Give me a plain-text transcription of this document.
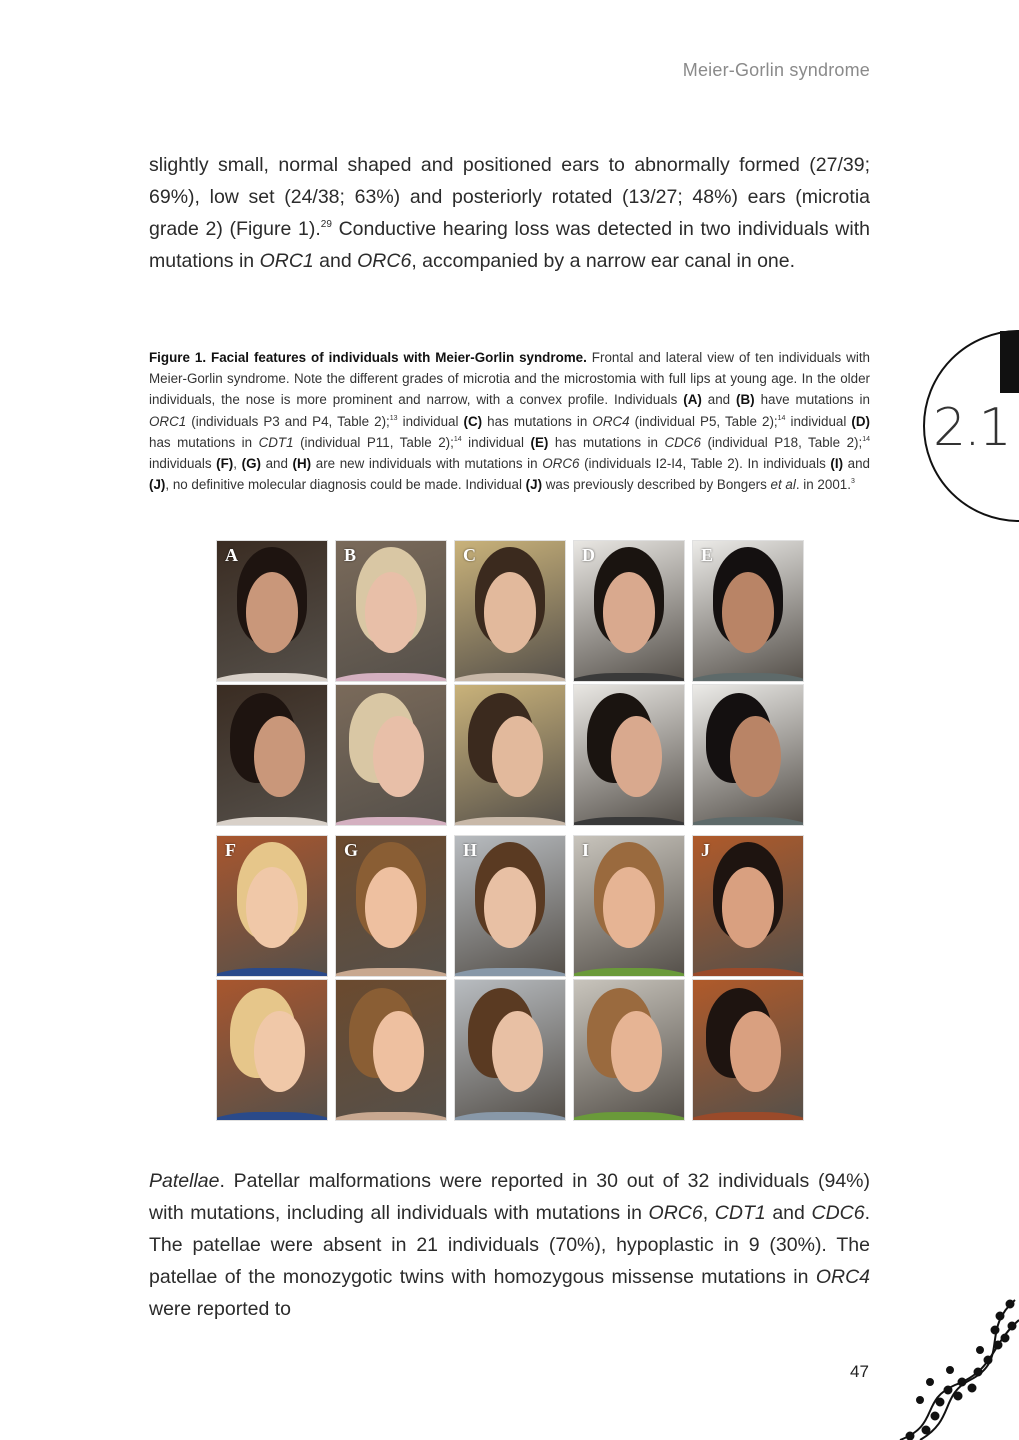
Meier-Gorlin syndrome
2.1

slightly small, normal shaped and positioned ears to abnormally formed (27/39; 69%), low set (24/38; 63%) and posteriorly rotated (13/27; 48%) ears (microtia grade 2) (Figure 1).$^{29}$ Conductive hearing loss was detected in two individuals with mutations in ORC1 and ORC6, accompanied by a narrow ear canal in one.

Figure 1. Facial features of individuals with Meier-Gorlin syndrome. Frontal and lateral view of ten individuals with Meier-Gorlin syndrome. Note the different grades of microtia and the microstomia with full lips at young age. In the older individuals, the nose is more prominent and narrow, with a convex profile. Individuals (A) and (B) have mutations in ORC1 (individuals P3 and P4, Table 2);$^{13}$ individual (C) has mutations in ORC4 (individual P5, Table 2);$^{14}$ individual (D) has mutations in CDT1 (individual P11, Table 2);$^{14}$ individual (E) has mutations in CDC6 (individual P18, Table 2);$^{14}$ individuals (F), (G) and (H) are new individuals with mutations in ORC6 (individuals I2-I4, Table 2). In individuals (I) and (J), no definitive molecular diagnosis could be made. Individual (J) was previously described by Bongers et al. in 2001.$^3$

A	B	C	D	E
F	G	H	I	J

Patellae. Patellar malformations were reported in 30 out of 32 individuals (94%) with mutations, including all individuals with mutations in ORC6, CDT1 and CDC6. The patellae were absent in 21 individuals (70%), hypoplastic in 9 (30%). The patellae of the monozygotic twins with homozygous missense mutations in ORC4 were reported to

47
